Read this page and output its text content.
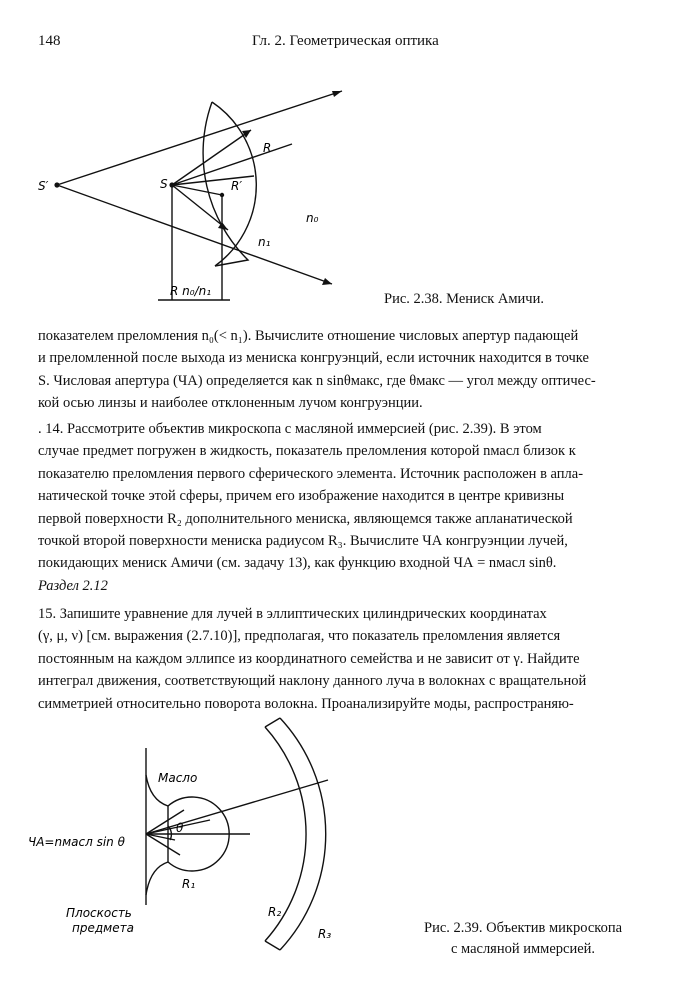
148	Гл. 2. Геометрическая оптика
S′	S
R
R′
n₀
n₁
R n₀/n₁	Рис. 2.38. Мениск Амичи.
показателем преломления n₀(< n₁). Вычислите отношение числовых апертур падающей
и преломленной после выхода из мениска конгруэнций, если источник находится в точке
S. Числовая апертура (ЧА) определяется как n sinθмакс, где θмакс — угол между оптичес-
кой осью линзы и наиболее отклоненным лучом конгруэнции.
. 14. Рассмотрите объектив микроскопа с масляной иммерсией (рис. 2.39). В этом
случае предмет погружен в жидкость, показатель преломления которой nмасл близок к
показателю преломления первого сферического элемента. Источник расположен в апла-
натической точке этой сферы, причем его изображение находится в центре кривизны
первой поверхности R₂ дополнительного мениска, являющемся также апланатической
точкой второй поверхности мениска радиусом R₃. Вычислите ЧА конгруэнции лучей,
покидающих мениск Амичи (см. задачу 13), как функцию входной ЧА = nмасл sinθ.
Раздел 2.12
15. Запишите уравнение для лучей в эллиптических цилиндрических координатах
(γ, μ, ν) [см. выражения (2.7.10)], предполагая, что показатель преломления является
постоянным на каждом эллипсе из координатного семейства и не зависит от γ. Найдите
интеграл движения, соответствующий наклону данного луча в волокнах с вращательной
симметрией относительно поворота волокна. Проанализируйте моды, распространяю-
Масло
θ
ЧА=nмасл sin θ
R₁
R₂
R₃
Плоскость
предмета	Рис. 2.39. Объектив микроскопа
с масляной иммерсией.
